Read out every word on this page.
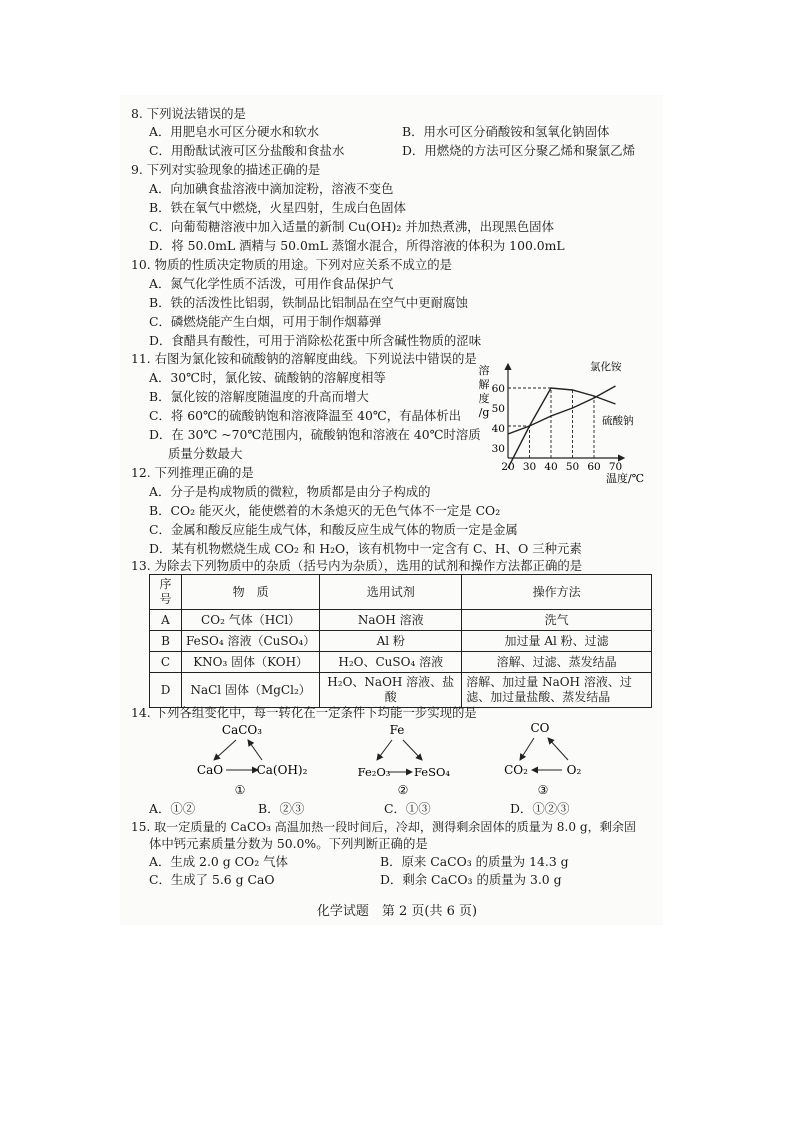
8. 下列说法错误的是
A．用肥皂水可区分硬水和软水	B．用水可区分硝酸铵和氢氧化钠固体
C．用酚酞试液可区分盐酸和食盐水	D．用燃烧的方法可区分聚乙烯和聚氯乙烯
9. 下列对实验现象的描述正确的是
A．向加碘食盐溶液中滴加淀粉，溶液不变色
B．铁在氧气中燃烧，火星四射，生成白色固体
C．向葡萄糖溶液中加入适量的新制 Cu(OH)₂ 并加热煮沸，出现黑色固体
D．将 50.0mL 酒精与 50.0mL 蒸馏水混合，所得溶液的体积为 100.0mL
10. 物质的性质决定物质的用途。下列对应关系不成立的是
A．氮气化学性质不活泼，可用作食品保护气
B．铁的活泼性比铝弱，铁制品比铝制品在空气中更耐腐蚀
C．磷燃烧能产生白烟，可用于制作烟幕弹
D．食醋具有酸性，可用于消除松花蛋中所含碱性物质的涩味
11. 右图为氯化铵和硫酸钠的溶解度曲线。下列说法中错误的是
A．30℃时，氯化铵、硫酸钠的溶解度相等
B．氯化铵的溶解度随温度的升高而增大
C．将 60℃的硫酸钠饱和溶液降温至 40℃，有晶体析出
D．在 30℃ ~70℃范围内，硫酸钠饱和溶液在 40℃时溶质
质量分数最大
溶
解
度
/g
20 30 40 50 60 70
30
40
50
60
氯化铵
硫酸钠
温度/℃
12. 下列推理正确的是
A．分子是构成物质的微粒，物质都是由分子构成的
B．CO₂ 能灭火，能使燃着的木条熄灭的无色气体不一定是 CO₂
C．金属和酸反应能生成气体，和酸反应生成气体的物质一定是金属
D．某有机物燃烧生成 CO₂ 和 H₂O，该有机物中一定含有 C、H、O 三种元素
13. 为除去下列物质中的杂质（括号内为杂质），选用的试剂和操作方法都正确的是
序号	物　质	选用试剂	操作方法
A	CO₂ 气体（HCl）	NaOH 溶液	洗气
B	FeSO₄ 溶液（CuSO₄）	Al 粉	加过量 Al 粉、过滤
C	KNO₃ 固体（KOH）	H₂O、CuSO₄ 溶液	溶解、过滤、蒸发结晶
D	NaCl 固体（MgCl₂）	H₂O、NaOH 溶液、盐酸	溶解、加过量 NaOH 溶液、过滤、加过量盐酸、蒸发结晶
14. 下列各组变化中，每一转化在一定条件下均能一步实现的是
CaCO₃
CaO	Ca(OH)₂
①
Fe
Fe₂O₃ FeSO₄
②
CO
CO₂	O₂
③
A．①②	B．②③	C．①③	D．①②③
15. 取一定质量的 CaCO₃ 高温加热一段时间后，冷却，测得剩余固体的质量为 8.0 g，剩余固
体中钙元素质量分数为 50.0%。下列判断正确的是
A．生成 2.0 g CO₂ 气体	B．原来 CaCO₃ 的质量为 14.3 g
C．生成了 5.6 g CaO	D．剩余 CaCO₃ 的质量为 3.0 g
化学试题　第 2 页(共 6 页)
